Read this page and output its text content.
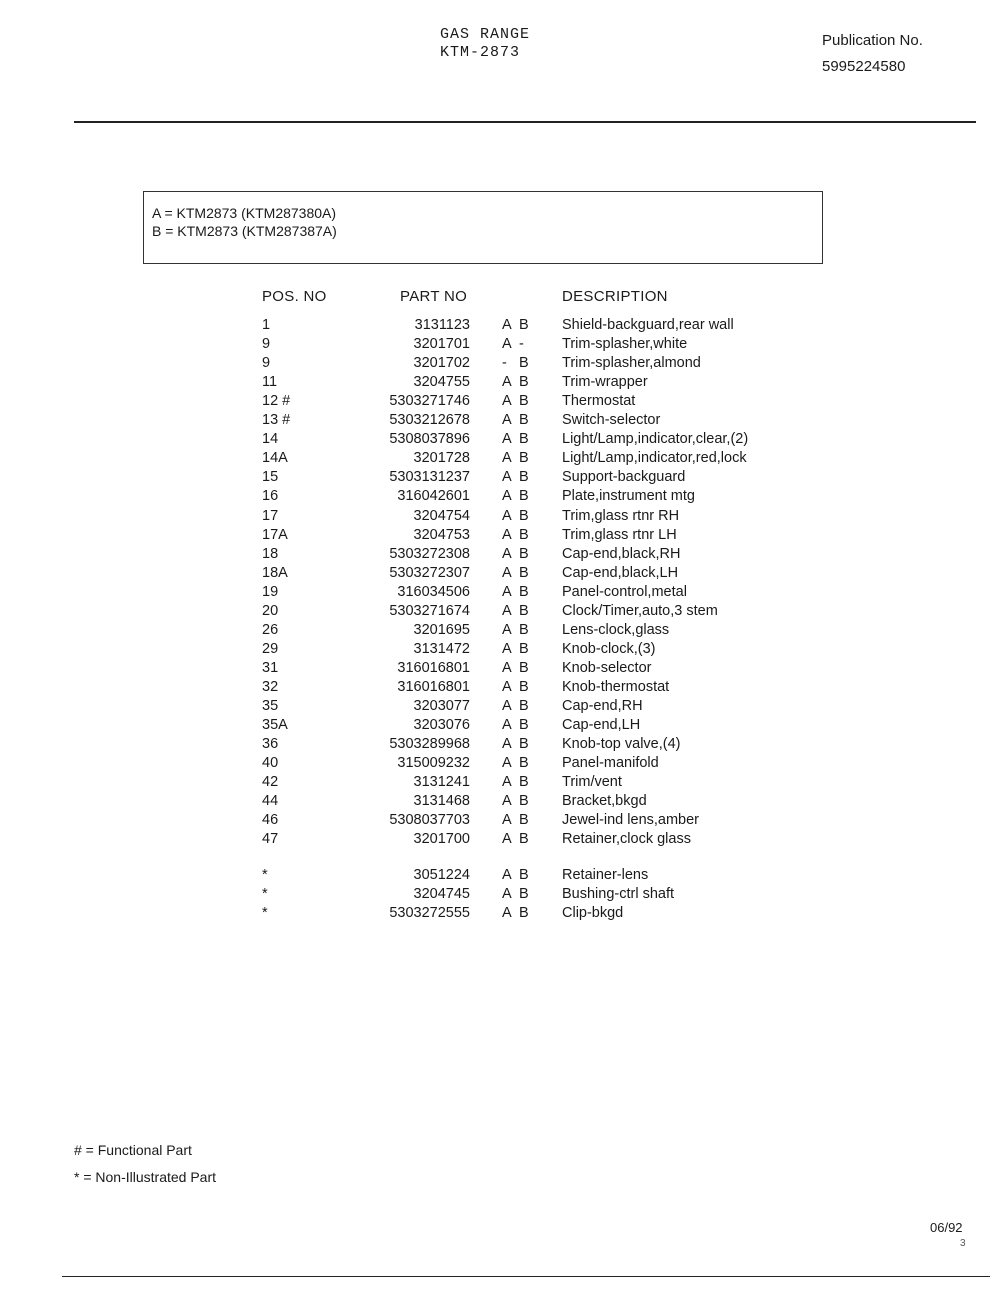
GAS RANGE
KTM-2873
Publication No.
5995224580
A = KTM2873 (KTM287380A)
B = KTM2873 (KTM287387A)
POS. NO	PART NO	DESCRIPTION
1	3131123 A B Shield-backguard,rear wall
9	3201701 A -	Trim-splasher,white
9	3201702 - B Trim-splasher,almond
11	3204755 A B Trim-wrapper
12 #	5303271746 A B Thermostat
13 #	5303212678 A B Switch-selector
14	5308037896 A B Light/Lamp,indicator,clear,(2)
14A	3201728 A B Light/Lamp,indicator,red,lock
15	5303131237 A B Support-backguard
16	316042601 A B Plate,instrument mtg
17	3204754 A B Trim,glass rtnr RH
17A	3204753 A B Trim,glass rtnr LH
18	5303272308 A B Cap-end,black,RH
18A	5303272307 A B Cap-end,black,LH
19	316034506 A B Panel-control,metal
20	5303271674 A B Clock/Timer,auto,3 stem
26	3201695 A B Lens-clock,glass
29	3131472 A B Knob-clock,(3)
31	316016801 A B Knob-selector
32	316016801 A B Knob-thermostat
35	3203077 A B Cap-end,RH
35A	3203076 A B Cap-end,LH
36	5303289968 A B Knob-top valve,(4)
40	315009232 A B Panel-manifold
42	3131241 A B Trim/vent
44	3131468 A B Bracket,bkgd
46	5308037703 A B Jewel-ind lens,amber
47	3201700 A B Retainer,clock glass
*	3051224 A B Retainer-lens
*	3204745 A B Bushing-ctrl shaft
*	5303272555 A B Clip-bkgd
# = Functional Part
* = Non-Illustrated Part
06/92
3
